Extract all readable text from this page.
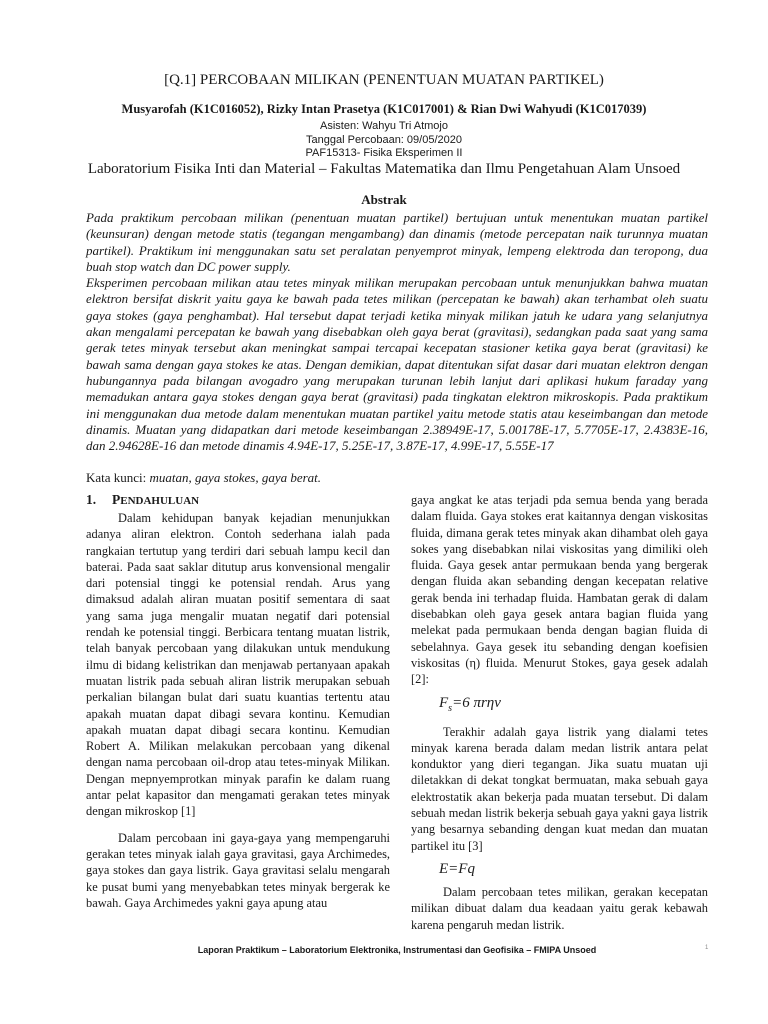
[Q.1] PERCOBAAN MILIKAN (PENENTUAN MUATAN PARTIKEL)
Musyarofah (K1C016052), Rizky Intan Prasetya (K1C017001) & Rian Dwi Wahyudi (K1C017039)
Asisten: Wahyu Tri Atmojo
Tanggal Percobaan: 09/05/2020
PAF15313- Fisika Eksperimen II
Laboratorium Fisika Inti dan Material – Fakultas Matematika dan Ilmu Pengetahuan Alam Unsoed
Abstrak

Pada praktikum percobaan milikan (penentuan muatan partikel) bertujuan untuk menentukan muatan partikel (keunsuran) dengan metode statis (tegangan mengambang) dan dinamis (metode percepatan naik turunnya muatan partikel). Praktikum ini menggunakan satu set peralatan penyemprot minyak, lempeng elektroda dan teropong, dua buah stop watch dan DC power supply.

Eksperimen percobaan milikan atau tetes minyak milikan merupakan percobaan untuk menunjukkan bahwa muatan elektron bersifat diskrit yaitu gaya ke bawah pada tetes milikan (percepatan ke bawah) akan terhambat oleh suatu gaya stokes (gaya penghambat). Hal tersebut dapat terjadi ketika minyak milikan jatuh ke udara yang selanjutnya akan mengalami percepatan ke bawah yang disebabkan oleh gaya berat (gravitasi), sedangkan pada saat yang sama gerak tetes minyak tersebut akan meningkat sampai tercapai kecepatan stasioner ketika gaya berat (gravitasi) ke bawah sama dengan gaya stokes ke atas. Dengan demikian, dapat ditentukan sifat dasar dari muatan elektron dengan hubungannya pada bilangan avogadro yang merupakan turunan lebih lanjut dari aplikasi hukum faraday yang memadukan antara gaya stokes dengan gaya berat (gravitasi) pada tingkatan elektron mikroskopis. Pada praktikum ini menggunakan dua metode dalam menentukan muatan partikel yaitu metode statis atau keseimbangan dan metode dinamis. Muatan yang didapatkan dari metode keseimbangan 2.38949E-17, 5.00178E-17, 5.7705E-17, 2.4383E-16, dan 2.94628E-16 dan metode dinamis 4.94E-17, 5.25E-17, 3.87E-17, 4.99E-17, 5.55E-17

Kata kunci: muatan, gaya stokes, gaya berat.
1. PENDAHULUAN

Dalam kehidupan banyak kejadian menunjukkan adanya aliran elektron. Contoh sederhana ialah pada rangkaian tertutup yang terdiri dari sebuah lampu kecil dan baterai. Pada saat saklar ditutup arus konvensional mengalir dari potensial tinggi ke potensial rendah. Arus yang dimaksud adalah aliran muatan positif sementara di saat yang sama juga mengalir muatan negatif dari potensial rendah ke potensial tinggi. Berbicara tentang muatan listrik, telah banyak percobaan yang dilakukan untuk mendukung ilmu di bidang kelistrikan dan menjawab pertanyaan apakah muatan listrik pada sebuah aliran listrik merupakan sebuah perkalian bilangan bulat dari suatu kuantias tertentu atau apakah muatan dapat dibagi sevara kontinu. Kemudian apakah muatan dapat dibagi secara kontinu. Kemudian Robert A. Milikan melakukan percobaan yang dikenal dengan nama percobaan oil-drop atau tetes-minyak Milikan. Dengan mepnyemprotkan minyak parafin ke dalam ruang antar pelat kapasitor dan mengamati gerakan tetes minyak dengan mikroskop [1]

Dalam percobaan ini gaya-gaya yang mempengaruhi gerakan tetes minyak ialah gaya gravitasi, gaya Archimedes, gaya stokes dan gaya listrik. Gaya gravitasi selalu mengarah ke pusat bumi yang menyebabkan tetes minyak bergerak ke bawah. Gaya Archimedes yakni gaya apung atau

gaya angkat ke atas terjadi pda semua benda yang berada dalam fluida. Gaya stokes erat kaitannya dengan viskositas fluida, dimana gerak tetes minyak akan dihambat oleh gaya sokes yang disebabkan nilai viskositas yang dimiliki oleh fluida. Gaya gesek antar permukaan benda yang bergerak dengan fluida akan sebanding dengan kecepatan relative gerak benda ini terhadap fluida. Hambatan gerak di dalam disebabkan oleh gaya gesek antara bagian fluida yang melekat pada permukaan benda dengan bagian fluida di sebelahnya. Gaya gesek itu sebanding dengan koefisien viskositas (η) fluida. Menurut Stokes, gaya gesek adalah [2]:

$F_s=6$ πrηv

Terakhir adalah gaya listrik yang dialami tetes minyak karena berada dalam medan listrik antara pelat konduktor yang dieri tegangan. Jika suatu muatan uji diletakkan di dekat tongkat bermuatan, maka sebuah gaya elektrostatik akan bekerja pada muatan tersebut. Di dalam sebuah medan listrik bekerja sebuah gaya yakni gaya listrik yang besarnya sebanding dengan kuat medan dan muatan partikel itu [3]

E=Fq

Dalam percobaan tetes milikan, gerakan kecepatan milikan dibuat dalam dua keadaan yaitu gerak kebawah karena pengaruh medan listrik.

Laporan Praktikum – Laboratorium Elektronika, Instrumentasi dan Geofisika – FMIPA Unsoed	1
